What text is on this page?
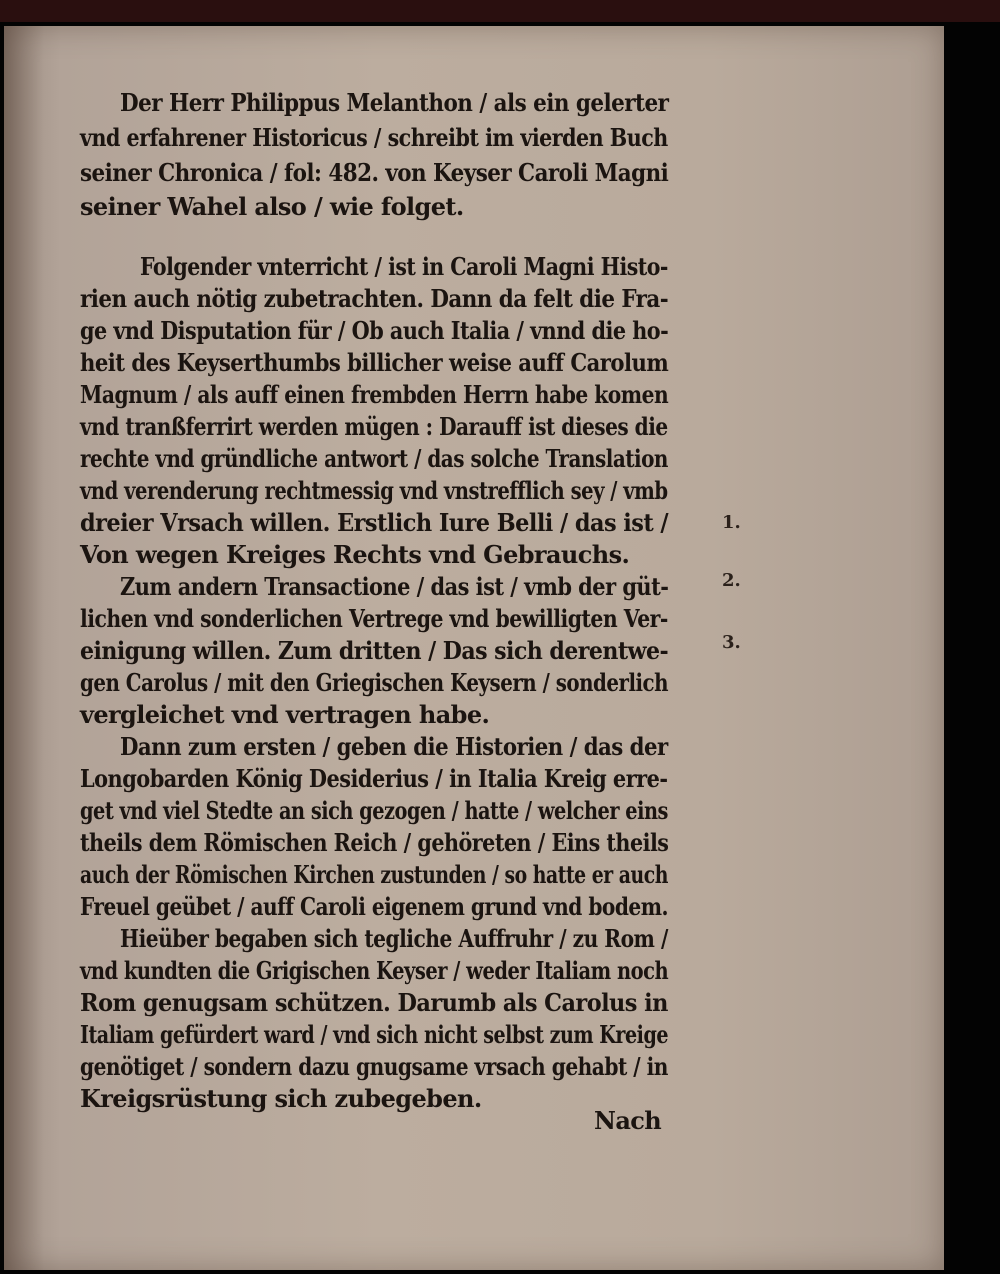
Der Herr Philippus Melanthon / als ein gelerter
vnd erfahrener Historicus / schreibt im vierden Buch
seiner Chronica / fol: 482. von Keyser Caroli Magni
seiner Wahel also / wie folget.
Folgender vnterricht / ist in Caroli Magni Histo-
rien auch nötig zubetrachten. Dann da felt die Fra-
ge vnd Disputation für / Ob auch Italia / vnnd die ho-
heit des Keyserthumbs billicher weise auff Carolum
Magnum / als auff einen frembden Herrn habe komen
vnd tranßferrirt werden mügen : Darauff ist dieses die
rechte vnd gründliche antwort / das solche Translation
vnd verenderung rechtmessig vnd vnstrefflich sey / vmb
dreier Vrsach willen. Erstlich Iure Belli / das ist /
Von wegen Kreiges Rechts vnd Gebrauchs.
Zum andern Transactione / das ist / vmb der güt-
lichen vnd sonderlichen Vertrege vnd bewilligten Ver-
einigung willen. Zum dritten / Das sich derentwe-
gen Carolus / mit den Griegischen Keysern / sonderlich
vergleichet vnd vertragen habe.
Dann zum ersten / geben die Historien / das der
Longobarden König Desiderius / in Italia Kreig erre-
get vnd viel Stedte an sich gezogen / hatte / welcher eins
theils dem Römischen Reich / gehöreten / Eins theils
auch der Römischen Kirchen zustunden / so hatte er auch
Freuel geübet / auff Caroli eigenem grund vnd bodem.
Hieüber begaben sich tegliche Auffruhr / zu Rom /
vnd kundten die Grigischen Keyser / weder Italiam noch
Rom genugsam schützen. Darumb als Carolus in
Italiam gefürdert ward / vnd sich nicht selbst zum Kreige
genötiget / sondern dazu gnugsame vrsach gehabt / in
Kreigsrüstung sich zubegeben.
Nach
1.
2.
3.
